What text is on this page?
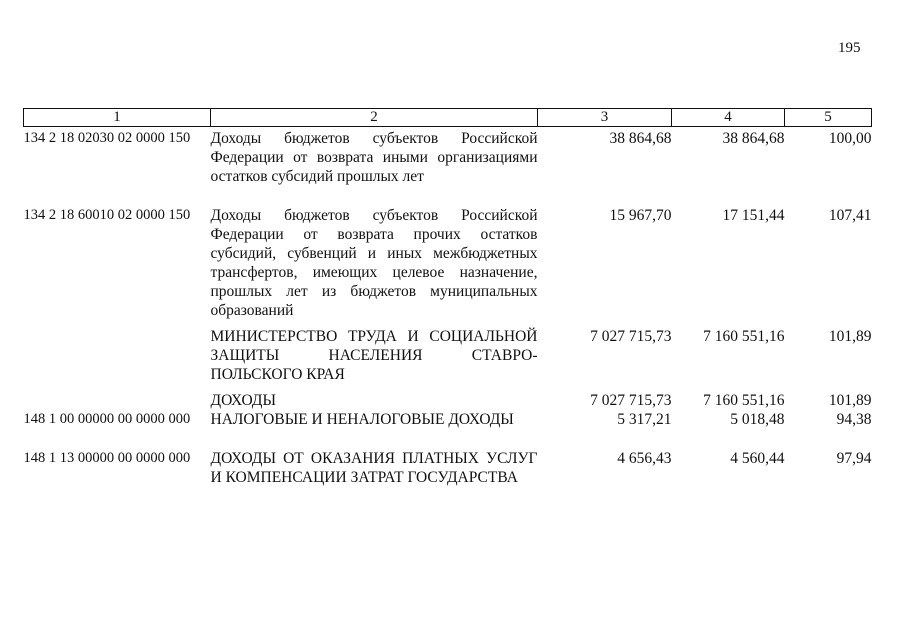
195
1	2	3	4	5
134 2 18 02030 02 0000 150	Доходы бюджетов субъектов Российской Федерации от возврата иными организациями остатков субсидий прошлых лет	38 864,68	38 864,68	100,00
134 2 18 60010 02 0000 150	Доходы бюджетов субъектов Российской Федерации от возврата прочих остатков субсидий, субвенций и иных межбюджетных трансфертов, имеющих целевое назначение, прошлых лет из бюджетов муниципальных образований	15 967,70	17 151,44	107,41
	МИНИСТЕРСТВО ТРУДА И СОЦИАЛЬНОЙ ЗАЩИТЫ НАСЕЛЕНИЯ СТАВРО-ПОЛЬСКОГО КРАЯ	7 027 715,73	7 160 551,16	101,89
	ДОХОДЫ	7 027 715,73	7 160 551,16	101,89
148 1 00 00000 00 0000 000	НАЛОГОВЫЕ И НЕНАЛОГОВЫЕ ДОХОДЫ	5 317,21	5 018,48	94,38
148 1 13 00000 00 0000 000	ДОХОДЫ ОТ ОКАЗАНИЯ ПЛАТНЫХ УСЛУГ И КОМПЕНСАЦИИ ЗАТРАТ ГОСУДАРСТВА	4 656,43	4 560,44	97,94
